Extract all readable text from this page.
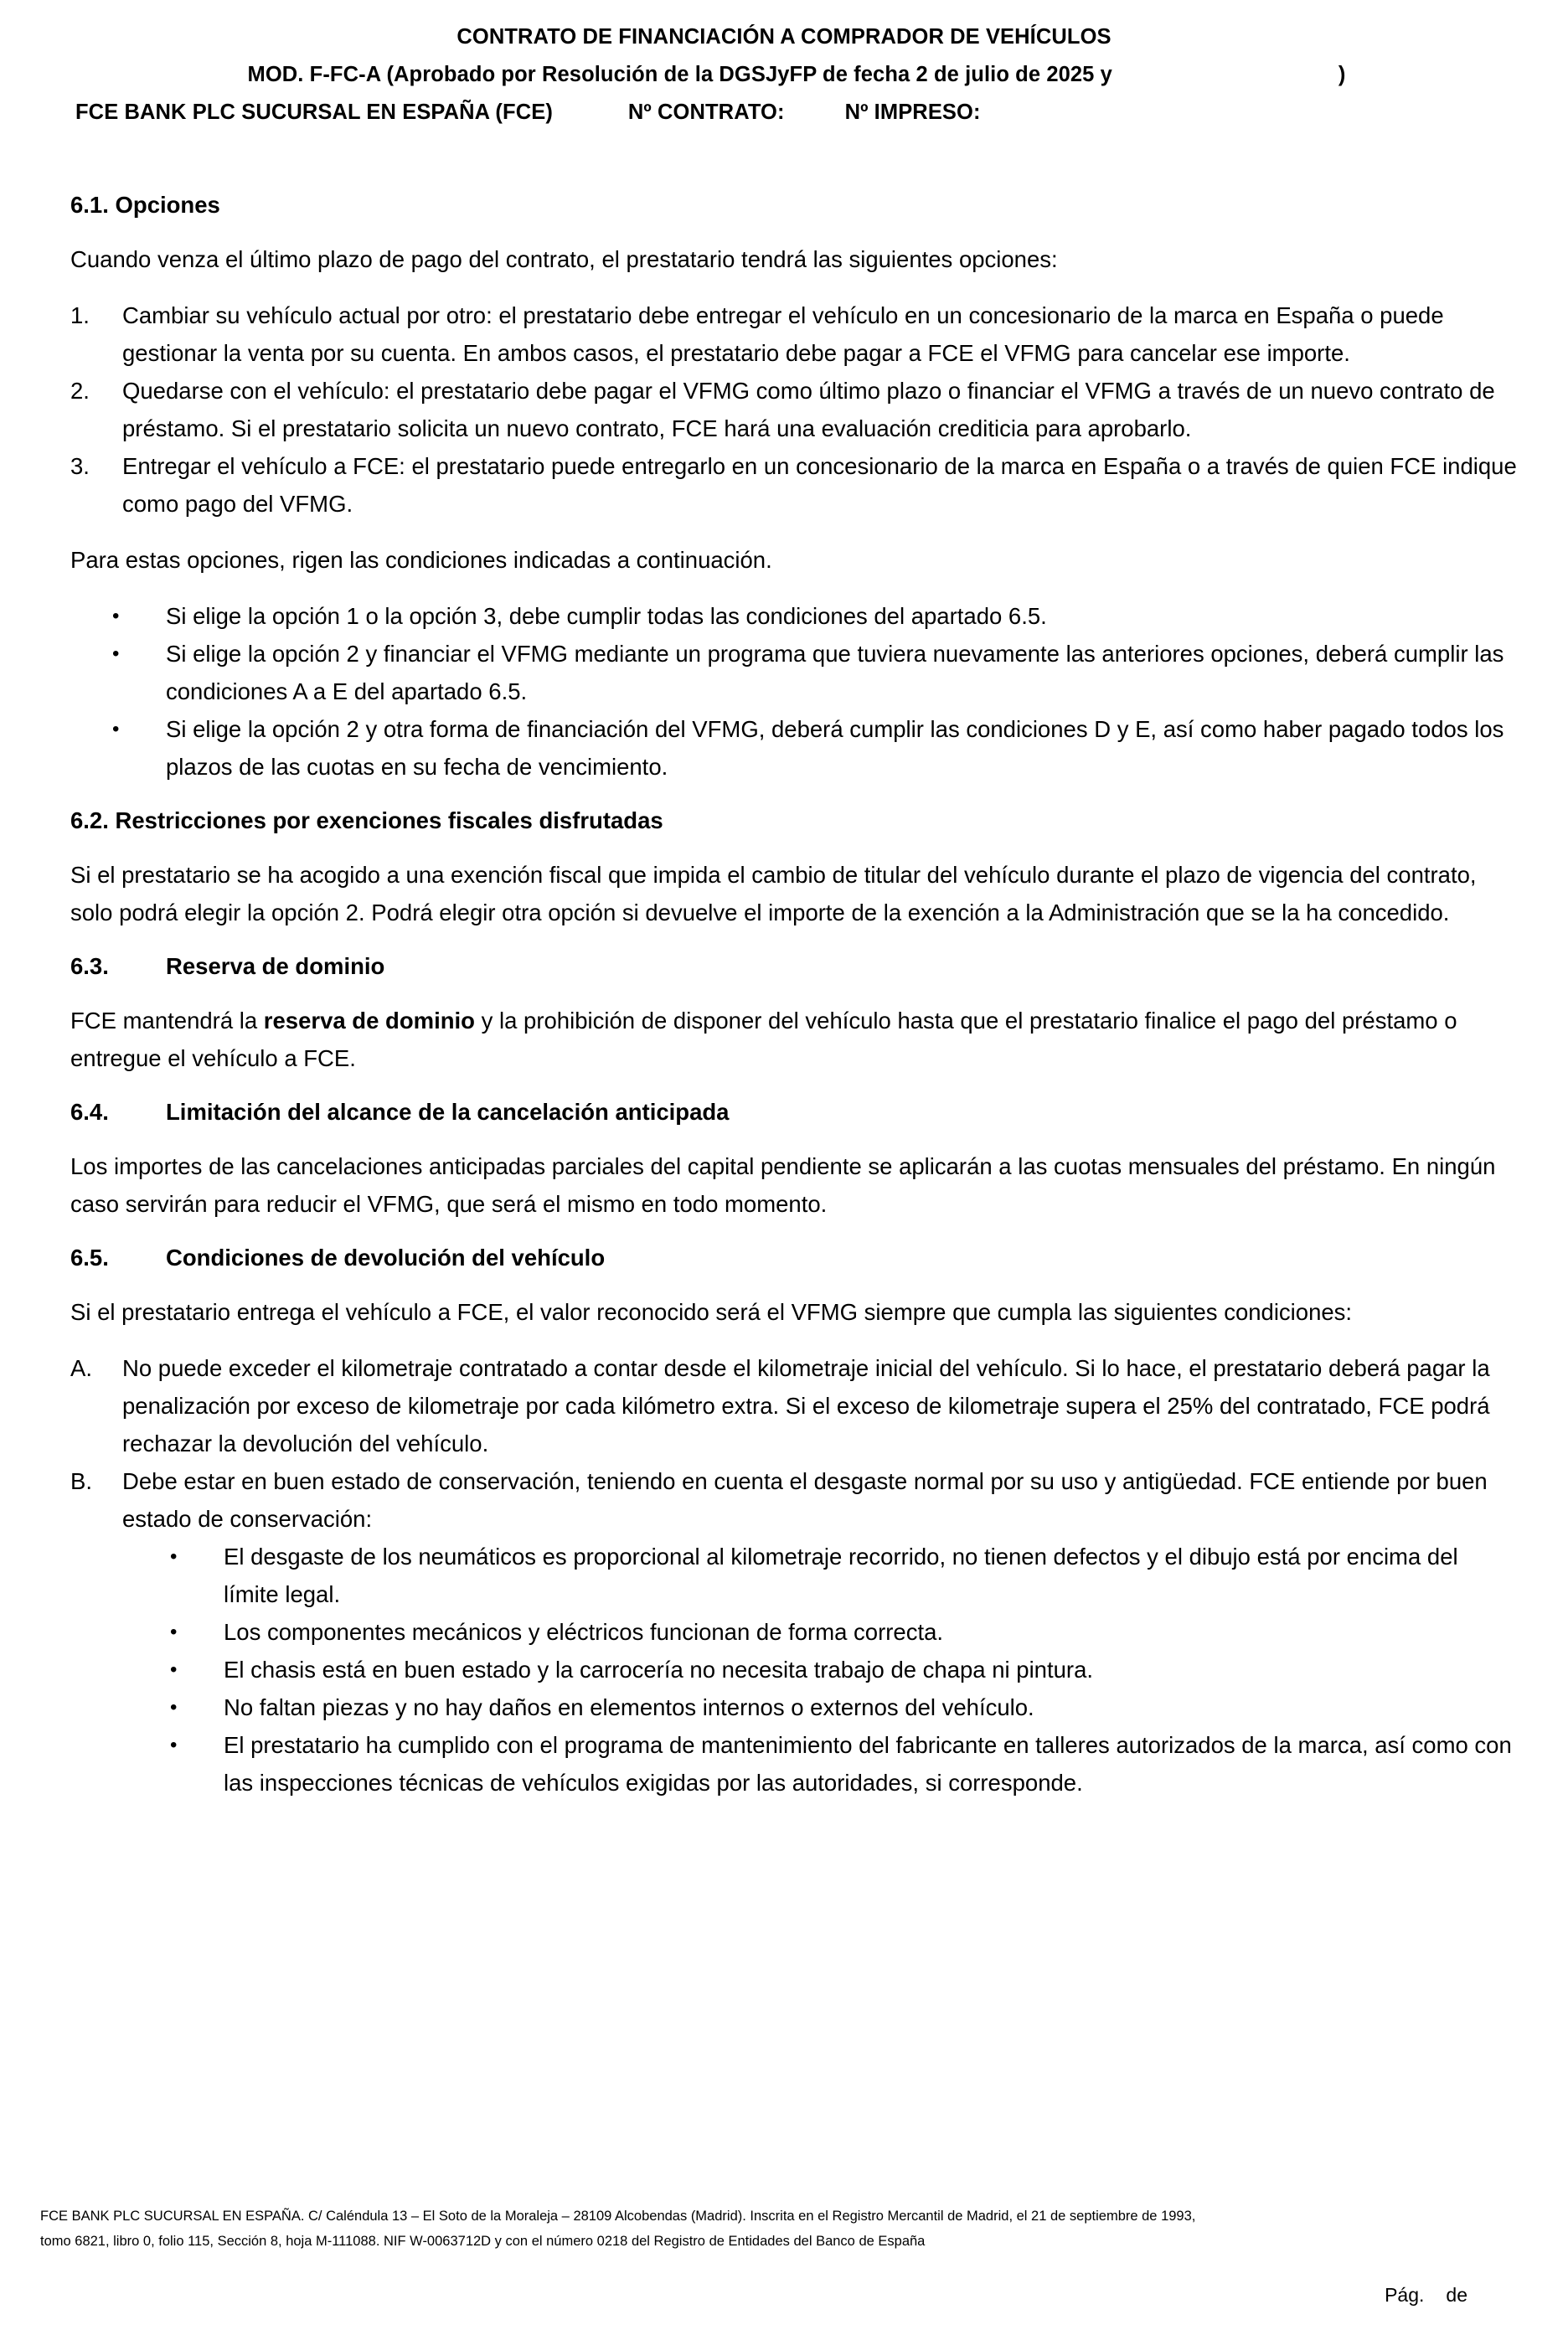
CONTRATO DE FINANCIACIÓN A COMPRADOR DE VEHÍCULOS
MOD. F-FC-A (Aprobado por Resolución de la DGSJyFP de fecha 2 de julio de 2025 y	)
FCE BANK PLC SUCURSAL EN ESPAÑA (FCE)	Nº CONTRATO:	Nº IMPRESO:
6.1. Opciones

Cuando venza el último plazo de pago del contrato, el prestatario tendrá las siguientes opciones:

1.	Cambiar su vehículo actual por otro: el prestatario debe entregar el vehículo en un concesionario de la marca en España o puede gestionar la venta por su cuenta. En ambos casos, el prestatario debe pagar a FCE el VFMG para cancelar ese importe.
2.	Quedarse con el vehículo: el prestatario debe pagar el VFMG como último plazo o financiar el VFMG a través de un nuevo contrato de préstamo. Si el prestatario solicita un nuevo contrato, FCE hará una evaluación crediticia para aprobarlo.
3.	Entregar el vehículo a FCE: el prestatario puede entregarlo en un concesionario de la marca en España o a través de quien FCE indique como pago del VFMG.

Para estas opciones, rigen las condiciones indicadas a continuación.

•	Si elige la opción 1 o la opción 3, debe cumplir todas las condiciones del apartado 6.5.
•	Si elige la opción 2 y financiar el VFMG mediante un programa que tuviera nuevamente las anteriores opciones, deberá cumplir las condiciones A a E del apartado 6.5.
•	Si elige la opción 2 y otra forma de financiación del VFMG, deberá cumplir las condiciones D y E, así como haber pagado todos los plazos de las cuotas en su fecha de vencimiento.
6.2. Restricciones por exenciones fiscales disfrutadas

Si el prestatario se ha acogido a una exención fiscal que impida el cambio de titular del vehículo durante el plazo de vigencia del contrato, solo podrá elegir la opción 2. Podrá elegir otra opción si devuelve el importe de la exención a la Administración que se la ha concedido.

6.3. Reserva de dominio

FCE mantendrá la reserva de dominio y la prohibición de disponer del vehículo hasta que el prestatario finalice el pago del préstamo o entregue el vehículo a FCE.

6.4. Limitación del alcance de la cancelación anticipada

Los importes de las cancelaciones anticipadas parciales del capital pendiente se aplicarán a las cuotas mensuales del préstamo. En ningún caso servirán para reducir el VFMG, que será el mismo en todo momento.

6.5. Condiciones de devolución del vehículo

Si el prestatario entrega el vehículo a FCE, el valor reconocido será el VFMG siempre que cumpla las siguientes condiciones:

A.	No puede exceder el kilometraje contratado a contar desde el kilometraje inicial del vehículo. Si lo hace, el prestatario deberá pagar la penalización por exceso de kilometraje por cada kilómetro extra. Si el exceso de kilometraje supera el 25% del contratado, FCE podrá rechazar la devolución del vehículo.
B.	Debe estar en buen estado de conservación, teniendo en cuenta el desgaste normal por su uso y antigüedad. FCE entiende por buen estado de conservación:
•	El desgaste de los neumáticos es proporcional al kilometraje recorrido, no tienen defectos y el dibujo está por encima del límite legal.
•	Los componentes mecánicos y eléctricos funcionan de forma correcta.
•	El chasis está en buen estado y la carrocería no necesita trabajo de chapa ni pintura.
•	No faltan piezas y no hay daños en elementos internos o externos del vehículo.
•	El prestatario ha cumplido con el programa de mantenimiento del fabricante en talleres autorizados de la marca, así como con las inspecciones técnicas de vehículos exigidas por las autoridades, si corresponde.
FCE BANK PLC SUCURSAL EN ESPAÑA. C/ Caléndula 13 – El Soto de la Moraleja – 28109 Alcobendas (Madrid). Inscrita en el Registro Mercantil de Madrid, el 21 de septiembre de 1993,
tomo 6821, libro 0, folio 115, Sección 8, hoja M-111088. NIF W-0063712D y con el número 0218 del Registro de Entidades del Banco de España
Pág. de
